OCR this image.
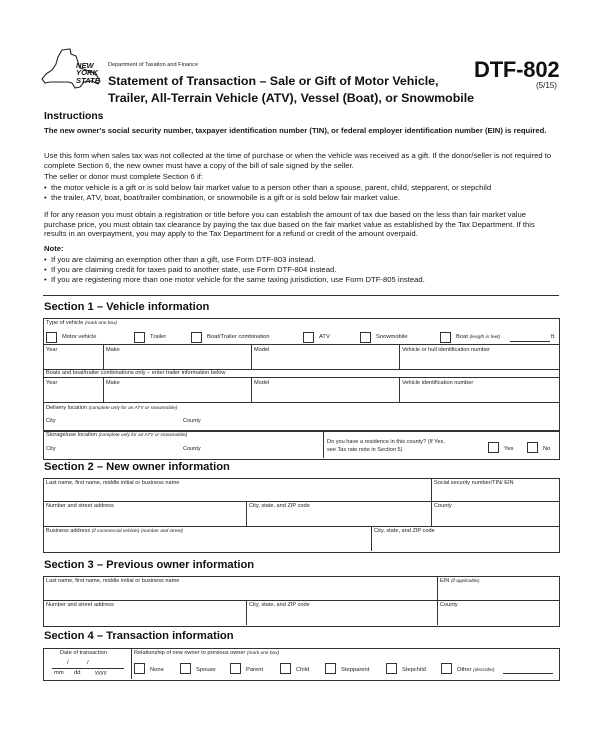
NEW
YORK
STATE
Department of Taxation and Finance
Statement of Transaction – Sale or Gift of Motor Vehicle,
Trailer, All-Terrain Vehicle (ATV), Vessel (Boat), or Snowmobile
DTF-802
(5/15)
Instructions
The new owner's social security number, taxpayer identification number (TIN), or federal employer identification number (EIN) is required.
Use this form when sales tax was not collected at the time of purchase or when the vehicle was received as a gift. If the donor/seller is not required to complete Section 6, the new owner must have a copy of the bill of sale signed by the seller.
The seller or donor must complete Section 6 if:
•  the motor vehicle is a gift or is sold below fair market value to a person other than a spouse, parent, child, stepparent, or stepchild
•  the trailer, ATV, boat, boat/trailer combination, or snowmobile is a gift or is sold below fair market value.
If for any reason you must obtain a registration or title before you can establish the amount of tax due based on the less than fair market value purchase price, you must obtain tax clearance by paying the tax due based on the fair market value as established by the Tax Department. If this results in an overpayment, you may apply to the Tax Department for a refund or credit of the amount overpaid.
Note:
•  If you are claiming an exemption other than a gift, use Form DTF-803 instead.
•  If you are claiming credit for taxes paid to another state, use Form DTF-804 instead.
•  If you are registering more than one motor vehicle for the same taxing jurisdiction, use Form DTF-805 instead.
Section 1 – Vehicle information
Type of vehicle (mark one box)
Motor vehicle	Trailer	Boat/Trailer combination	ATV	Snowmobile	Boat (length in feet)	ft.
Year	Make	Model	Vehicle or hull identification number
Boats and boat/trailer combinations only – enter trailer information below
Year	Make	Model	Vehicle identification number
Delivery location (complete only for an ATV or snowmobile)
City	County
Storage/use location (complete only for an ATV or snowmobile)
City	County
Do you have a residence in this county? (If Yes,
see Tax rate note in Section 5)	Yes	No
Section 2 – New owner information
Last name, first name, middle initial or business name	Social security number/TIN/ EIN
Number and street address	City, state, and ZIP code	County
Business address (if commercial vehicle) (number and street)	City, state, and ZIP code
Section 3 – Previous owner information
Last name, first name, middle initial or business name	EIN (if applicable)
Number and street address	City, state, and ZIP code	County
Section 4 – Transaction information
Date of transaction
/	/
mm dd	yyyy
Relationship of new owner to previous owner (mark one box)
None	Spouse	Parent	Child	Stepparent	Stepchild	Other (describe)
